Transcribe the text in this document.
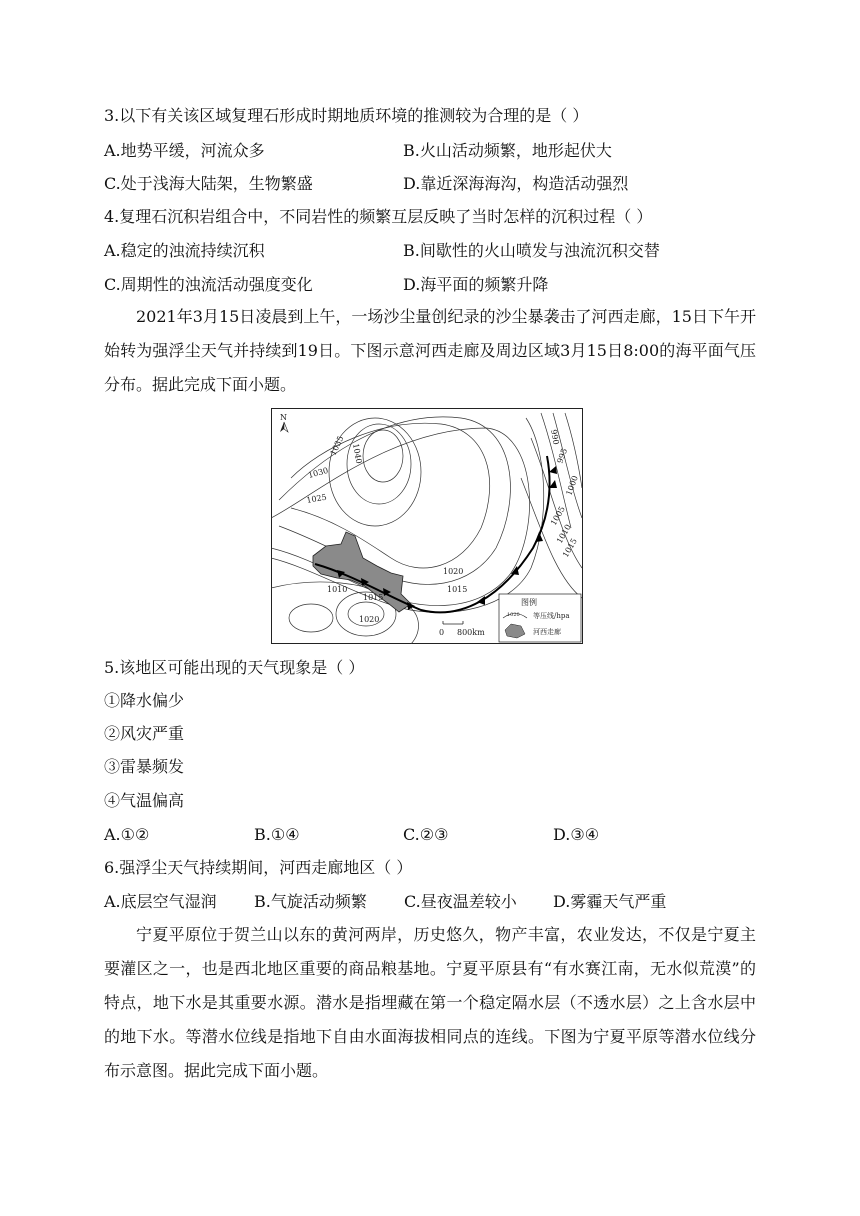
3.以下有关该区域复理石形成时期地质环境的推测较为合理的是（ ）
A.地势平缓，河流众多	B.火山活动频繁，地形起伏大
C.处于浅海大陆架，生物繁盛	D.靠近深海海沟，构造活动强烈
4.复理石沉积岩组合中，不同岩性的频繁互层反映了当时怎样的沉积过程（ ）
A.稳定的浊流持续沉积	B.间歇性的火山喷发与浊流沉积交替
C.周期性的浊流活动强度变化	D.海平面的频繁升降

2021年3月15日凌晨到上午，一场沙尘量创纪录的沙尘暴袭击了河西走廊，15日下午开始转为强浮尘天气并持续到19日。下图示意河西走廊及周边区域3月15日8:00的海平面气压分布。据此完成下面小题。

N
1040
1035
1030
1025
1020
1015
1010
1015
1020
990
995
1000
1005
1010
1015
0 800km
图例
1020 等压线/hpa
河西走廊
5.该地区可能出现的天气现象是（ ）
①降水偏少
②风灾严重
③雷暴频发
④气温偏高
A.①②	B.①④	C.②③	D.③④
6.强浮尘天气持续期间，河西走廊地区（ ）
A.底层空气湿润 B.气旋活动频繁 C.昼夜温差较小 D.雾霾天气严重

宁夏平原位于贺兰山以东的黄河两岸，历史悠久，物产丰富，农业发达，不仅是宁夏主要灌区之一，也是西北地区重要的商品粮基地。宁夏平原县有“有水赛江南，无水似荒漠”的特点，地下水是其重要水源。潜水是指埋藏在第一个稳定隔水层（不透水层）之上含水层中的地下水。等潜水位线是指地下自由水面海拔相同点的连线。下图为宁夏平原等潜水位线分布示意图。据此完成下面小题。
